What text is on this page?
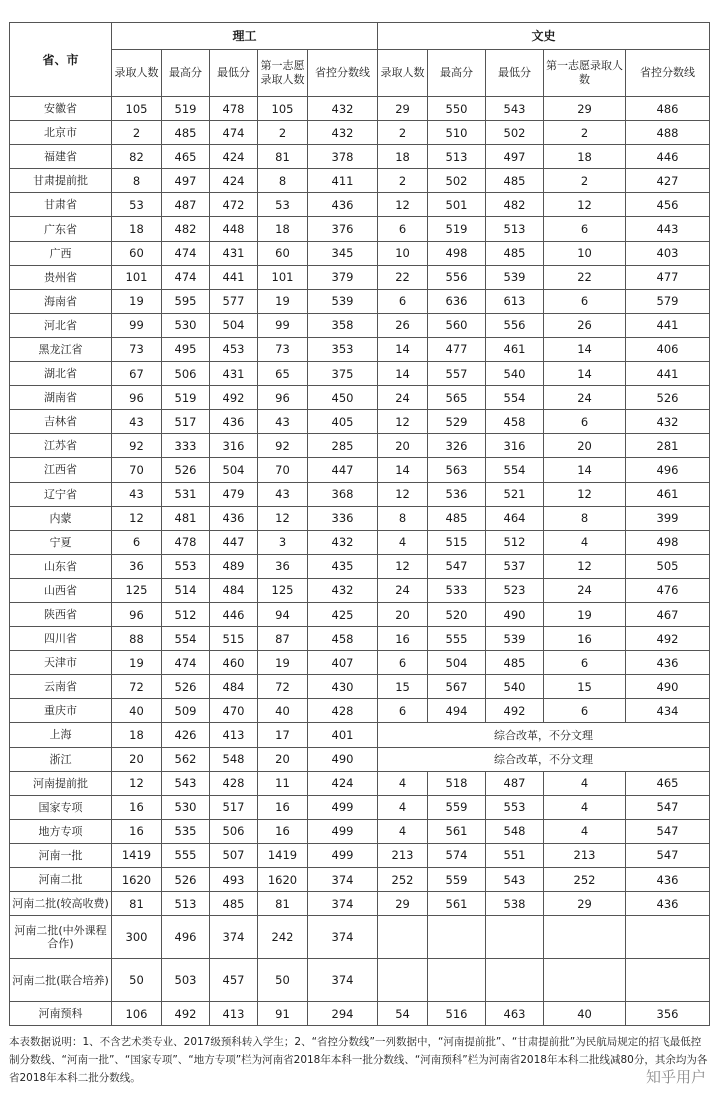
省、市	理工					文史				
	录取人数	最高分	最低分	第一志愿录取人数	省控分数线	录取人数	最高分	最低分	第一志愿录取人数	省控分数线
安徽省	105	519	478	105	432	29	550	543	29	486
北京市	2	485	474	2	432	2	510	502	2	488
福建省	82	465	424	81	378	18	513	497	18	446
甘肃提前批	8	497	424	8	411	2	502	485	2	427
甘肃省	53	487	472	53	436	12	501	482	12	456
广东省	18	482	448	18	376	6	519	513	6	443
广西	60	474	431	60	345	10	498	485	10	403
贵州省	101	474	441	101	379	22	556	539	22	477
海南省	19	595	577	19	539	6	636	613	6	579
河北省	99	530	504	99	358	26	560	556	26	441
黑龙江省	73	495	453	73	353	14	477	461	14	406
湖北省	67	506	431	65	375	14	557	540	14	441
湖南省	96	519	492	96	450	24	565	554	24	526
吉林省	43	517	436	43	405	12	529	458	6	432
江苏省	92	333	316	92	285	20	326	316	20	281
江西省	70	526	504	70	447	14	563	554	14	496
辽宁省	43	531	479	43	368	12	536	521	12	461
内蒙	12	481	436	12	336	8	485	464	8	399
宁夏	6	478	447	3	432	4	515	512	4	498
山东省	36	553	489	36	435	12	547	537	12	505
山西省	125	514	484	125	432	24	533	523	24	476
陕西省	96	512	446	94	425	20	520	490	19	467
四川省	88	554	515	87	458	16	555	539	16	492
天津市	19	474	460	19	407	6	504	485	6	436
云南省	72	526	484	72	430	15	567	540	15	490
重庆市	40	509	470	40	428	6	494	492	6	434
上海	18	426	413	17	401	综合改革，不分文理				
浙江	20	562	548	20	490	综合改革，不分文理				
河南提前批	12	543	428	11	424	4	518	487	4	465
国家专项	16	530	517	16	499	4	559	553	4	547
地方专项	16	535	506	16	499	4	561	548	4	547
河南一批	1419	555	507	1419	499	213	574	551	213	547
河南二批	1620	526	493	1620	374	252	559	543	252	436
河南二批(较高收费)	81	513	485	81	374	29	561	538	29	436
河南二批(中外课程合作)	300	496	374	242	374					
河南二批(联合培养)	50	503	457	50	374					
河南预科	106	492	413	91	294	54	516	463	40	356
本表数据说明：1、不含艺术类专业、2017级预科转入学生；2、“省控分数线”一列数据中，“河南提前批”、“甘肃提前批”为民航局规定的招飞最低控制分数线、“河南一批”、“国家专项”、“地方专项”栏为河南省2018年本科一批分数线、“河南预科”栏为河南省2018年本科二批线减80分，其余均为各省2018年本科二批分数线。	知乎用户
